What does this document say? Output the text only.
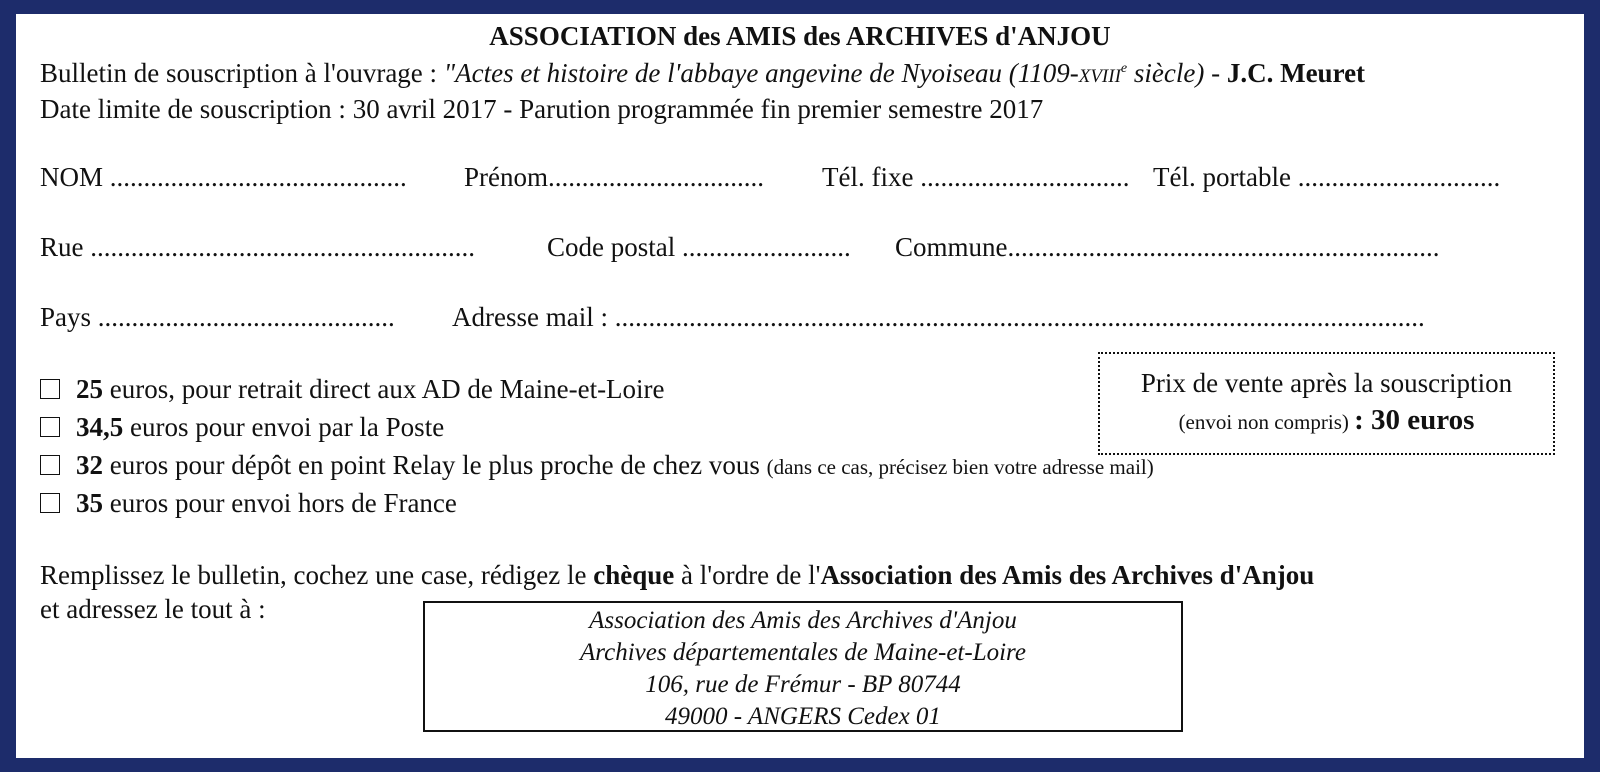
ASSOCIATION des AMIS des ARCHIVES d'ANJOU
Bulletin de souscription à l'ouvrage : "Actes et histoire de l'abbaye angevine de Nyoiseau (1109-XVIIIe siècle) - J.C. Meuret
Date limite de souscription : 30 avril 2017 - Parution programmée fin premier semestre 2017
NOM ............................................	Prénom................................	Tél. fixe ............................... Tél. portable ..............................
Rue .........................................................	Code postal .........................	Commune................................................................
Pays ............................................	Adresse mail : ........................................................................................................................
Prix de vente après la souscription
(envoi non compris) : 30 euros
25 euros, pour retrait direct aux AD de Maine-et-Loire
34,5 euros pour envoi par la Poste
32 euros pour dépôt en point Relay le plus proche de chez vous (dans ce cas, précisez bien votre adresse mail)
35 euros pour envoi hors de France
Remplissez le bulletin, cochez une case, rédigez le chèque à l'ordre de l'Association des Amis des Archives d'Anjou
et adressez le tout à :	Association des Amis des Archives d'Anjou
Archives départementales de Maine-et-Loire
106, rue de Frémur - BP 80744
49000 - ANGERS Cedex 01
